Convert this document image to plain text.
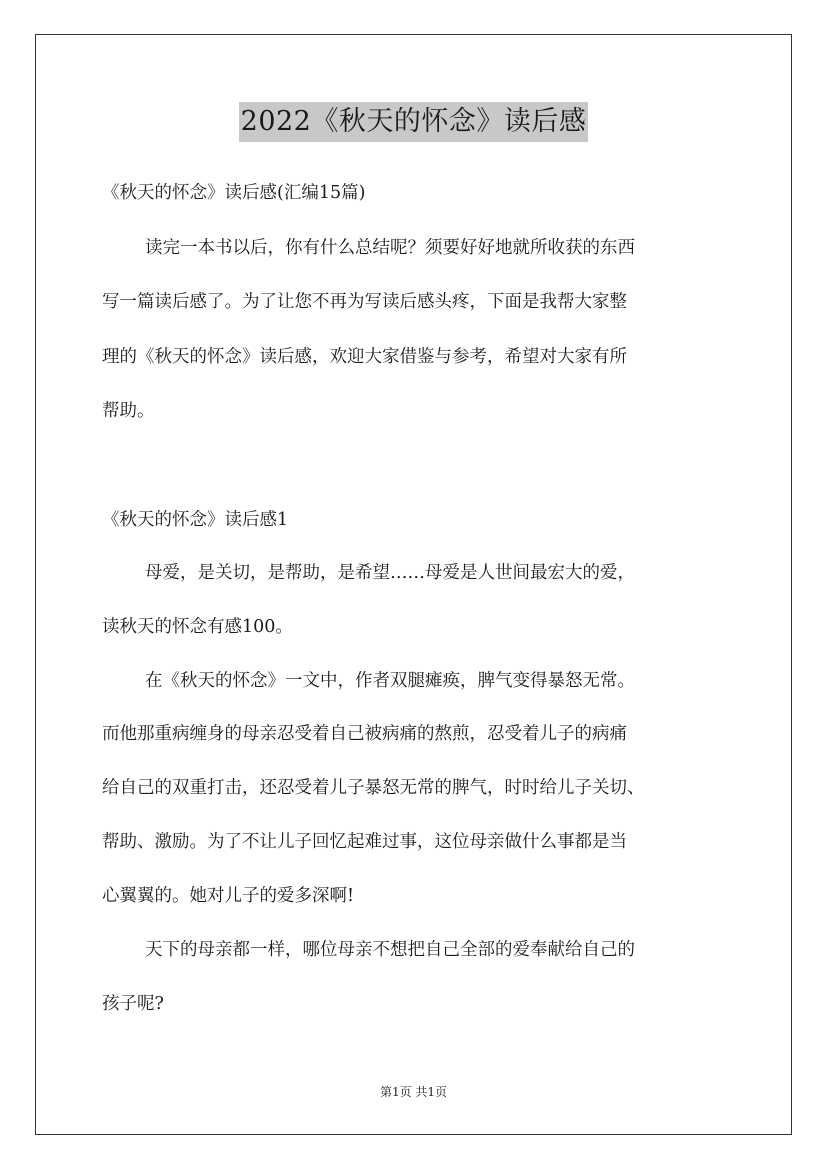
2022《秋天的怀念》读后感
《秋天的怀念》读后感(汇编15篇)
读完一本书以后，你有什么总结呢？须要好好地就所收获的东西
写一篇读后感了。为了让您不再为写读后感头疼，下面是我帮大家整
理的《秋天的怀念》读后感，欢迎大家借鉴与参考，希望对大家有所
帮助。
《秋天的怀念》读后感1
母爱，是关切，是帮助，是希望……母爱是人世间最宏大的爱，
读秋天的怀念有感100。
在《秋天的怀念》一文中，作者双腿瘫痪，脾气变得暴怒无常。
而他那重病缠身的母亲忍受着自己被病痛的熬煎，忍受着儿子的病痛
给自己的双重打击，还忍受着儿子暴怒无常的脾气，时时给儿子关切、
帮助、激励。为了不让儿子回忆起难过事，这位母亲做什么事都是当
心翼翼的。她对儿子的爱多深啊!
天下的母亲都一样，哪位母亲不想把自己全部的爱奉献给自己的
孩子呢?
第1页 共1页
